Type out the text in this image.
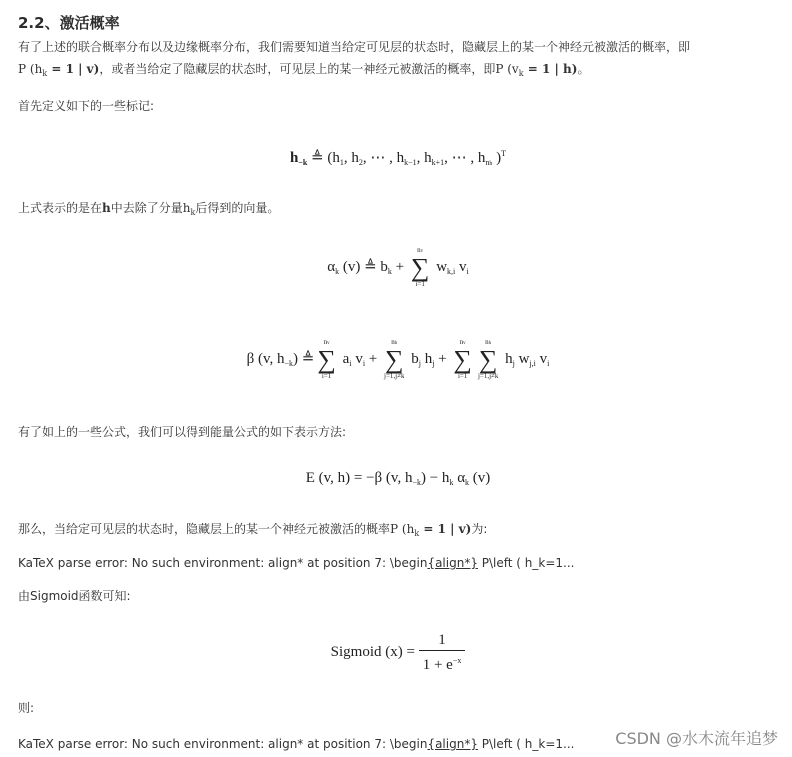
2.2、激活概率

有了上述的联合概率分布以及边缘概率分布，我们需要知道当给定可见层的状态时，隐藏层上的某一个神经元被激活的概率，即

P ($h_k = 1$ | v)，或者当给定了隐藏层的状态时，可见层上的某一神经元被激活的概率，即P ($v_k = 1$ | h)。

首先定义如下的一些标记:

$h_{-k}$ ≜ ($h_1$, $h_2$, ⋯ , $h_{k-1}$, $h_{k+1}$, ⋯ , $h_{nh}$ )$^T$

上式表示的是在h中去除了分量$h_k$后得到的向量。

$\alpha_k$ (v) ≜ $b_k$ +
nv
∑
i=1
$w_{k,i}$ $v_i$
β (v, $h_{-k}$) ≜
nv
∑
i=1
$a_i$ $v_i$ +
nh
∑
j=1,j≠k
$b_j$ $h_j$ +
nv
∑
i=1
nh
∑
j=1,j≠k
$h_j$ $w_{j,i}$ $v_i$

有了如上的一些公式，我们可以得到能量公式的如下表示方法:

E (v, h) = −β (v, $h_{-k}) - h_k$ $\alpha_k$ (v)

那么，当给定可见层的状态时，隐藏层上的某一个神经元被激活的概率P ($h_k = 1$ | v)为:

KaTeX parse error: No such environment: align* at position 7: \begin{align*} P\left ( h_k=1...

由Sigmoid函数可知:

Sigmoid $(x) = \frac{1}{1 + e^{-x}}$

则:

KaTeX parse error: No such environment: align* at position 7: \begin{align*} P\left ( h_k=1...	CSDN @水木流年追梦
